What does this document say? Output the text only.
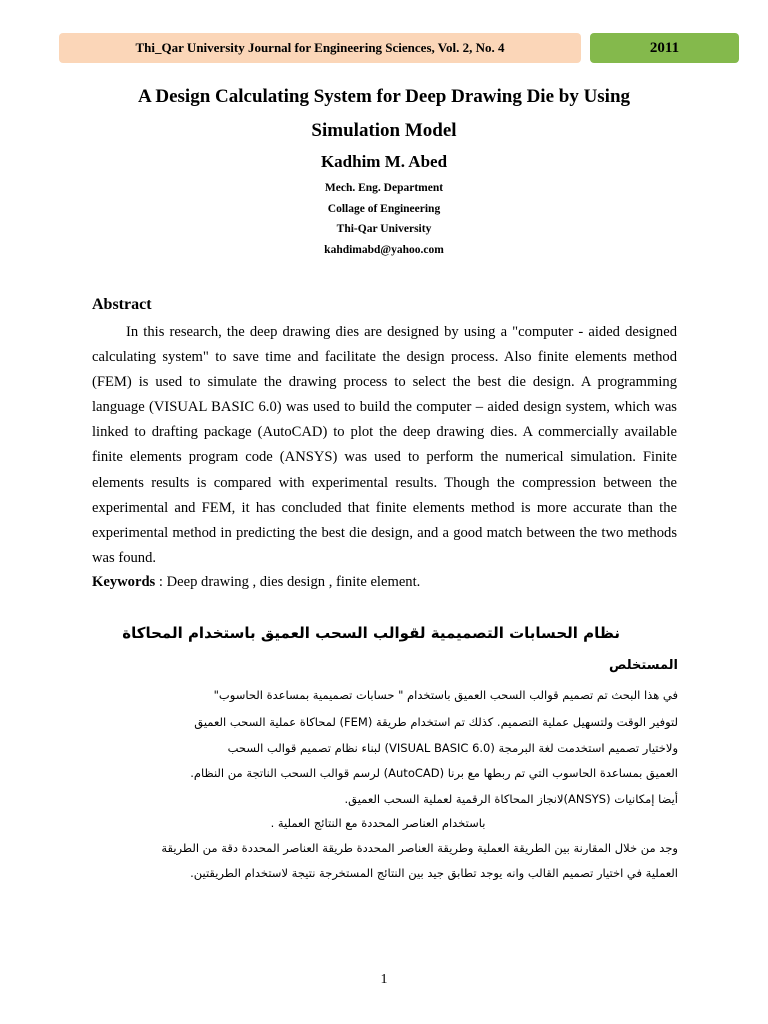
Thi_Qar University Journal for Engineering Sciences, Vol. 2, No. 4	2011
A Design Calculating System for Deep Drawing Die by Using
Simulation Model
Kadhim M. Abed
Mech. Eng. Department
Collage of Engineering
Thi-Qar University
kahdimabd@yahoo.com
Abstract

In this research, the deep drawing dies are designed by using a "computer - aided designed calculating system" to save time and facilitate the design process. Also finite elements method (FEM) is used to simulate the drawing process to select the best die design. A programming language (VISUAL BASIC 6.0) was used to build the computer – aided design system, which was linked to drafting package (AutoCAD) to plot the deep drawing dies. A commercially available finite elements program code (ANSYS) was used to perform the numerical simulation. Finite elements results is compared with experimental results. Though the compression between the experimental and FEM, it has concluded that finite elements method is more accurate than the experimental method in predicting the best die design, and a good match between the two methods was found.

Keywords : Deep drawing , dies design , finite element.
نظام الحسابات التصميمية لقوالب السحب العميق باستخدام المحاكاة
المستخلص
في هذا البحث تم تصميم قوالب السحب العميق باستخدام " حسابات تصميمية بمساعدة الحاسوب"
لتوفير الوقت ولتسهيل عملية التصميم. كذلك تم استخدام طريقة (FEM) لمحاكاة عملية السحب العميق
ولاختيار تصميم استخدمت لغة البرمجة (VISUAL BASIC 6.0) لبناء نظام تصميم قوالب السحب
العميق بمساعدة الحاسوب التي تم ربطها مع برنا (AutoCAD) لرسم قوالب السحب الناتجة من النظام.
أيضا إمكانيات (ANSYS)لانجاز المحاكاة الرقمية لعملية السحب العميق.
باستخدام العناصر المحددة مع النتائج العملية .
وجد من خلال المقارنة بين الطريقة العملية وطريقة العناصر المحددة طريقة العناصر المحددة دقة من الطريقة
العملية في اختيار تصميم القالب وانه يوجد تطابق جيد بين النتائج المستخرجة نتيجة لاستخدام الطريقتين.
1
